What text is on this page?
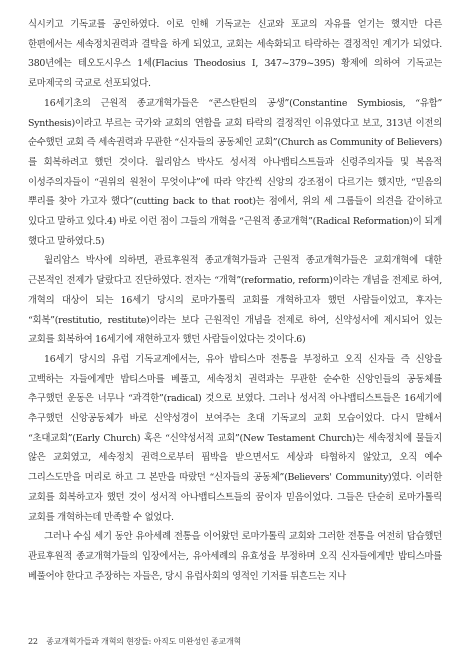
식시키고 기독교를 공인하였다. 이로 인해 기독교는 신교와 포교의 자유를 얻기는 했지만 다른 한편에서는 세속정치권력과 결탁을 하게 되었고, 교회는 세속화되고 타락하는 결정적인 계기가 되었다. 380년에는 테오도시우스 1세(Flacius Theodosius I, 347~379~395) 황제에 의하여 기독교는 로마제국의 국교로 선포되었다.

16세기초의 근원적 종교개혁가들은 “콘스탄틴의 공생”(Constantine Symbiosis, “유합” Synthesis)이라고 부르는 국가와 교회의 연합을 교회 타락의 결정적인 이유였다고 보고, 313년 이전의 순수했던 교회 즉 세속권력과 무관한 “신자들의 공동체인 교회”(Church as Community of Believers)를 회복하려고 했던 것이다. 월리암스 박사도 성서적 아나뱁티스트들과 신령주의자들 및 복음적 이성주의자들이 “권위의 원천이 무엇이냐”에 따라 약간씩 신앙의 강조점이 다르기는 했지만, “믿음의 뿌리를 찾아 가고자 했다”(cutting back to that root)는 점에서, 위의 세 그룹들이 의견을 같이하고 있다고 말하고 있다.4) 바로 이런 점이 그들의 개혁을 “근원적 종교개혁”(Radical Reformation)이 되게 했다고 말하였다.5)

월리암스 박사에 의하면, 관료후원적 종교개혁가들과 근원적 종교개혁가들은 교회개혁에 대한 근본적인 전제가 달랐다고 진단하였다. 전자는 “개혁”(reformatio, reform)이라는 개념을 전제로 하여, 개혁의 대상이 되는 16세기 당시의 로마가톨릭 교회를 개혁하고자 했던 사람들이었고, 후자는 “회복”(restitutio, restitute)이라는 보다 근원적인 개념을 전제로 하여, 신약성서에 제시되어 있는 교회를 회복하여 16세기에 재현하고자 했던 사람들이었다는 것이다.6)

16세기 당시의 유럽 기독교계에서는, 유아 밥티스마 전통을 부정하고 오직 신자들 즉 신앙을 고백하는 자들에게만 밥티스마를 베풀고, 세속정치 권력과는 무관한 순수한 신앙인들의 공동체를 추구했던 운동은 너무나 “과격한”(radical) 것으로 보였다. 그러나 성서적 아나뱁티스트들은 16세기에 추구했던 신앙공동체가 바로 신약성경이 보여주는 초대 기독교의 교회 모습이었다. 다시 말해서 “초대교회”(Early Church) 혹은 “신약성서적 교회”(New Testament Church)는 세속정치에 물들지 않은 교회였고, 세속정치 권력으로부터 핍박을 받으면서도 세상과 타협하지 않았고, 오직 예수 그리스도만을 머리로 하고 그 본만을 따랐던 “신자들의 공동체”(Believers' Community)였다. 이러한 교회를 회복하고자 했던 것이 성서적 아나뱁티스트들의 꿈이자 믿음이었다. 그들은 단순히 로마가톨릭 교회를 개혁하는데 만족할 수 없었다.

그러나 수십 세기 동안 유아세례 전통을 이어왔던 로마가톨릭 교회와 그러한 전통을 여전히 답습했던 관료후원적 종교개혁가들의 입장에서는, 유아세례의 유효성을 부정하며 오직 신자들에게만 밥티스마를 베풀어야 한다고 주장하는 자들은, 당시 유럽사회의 영적인 기저를 뒤흔드는 지나

22 종교개혁가들과 개혁의 현장들: 아직도 미완성인 종교개혁
